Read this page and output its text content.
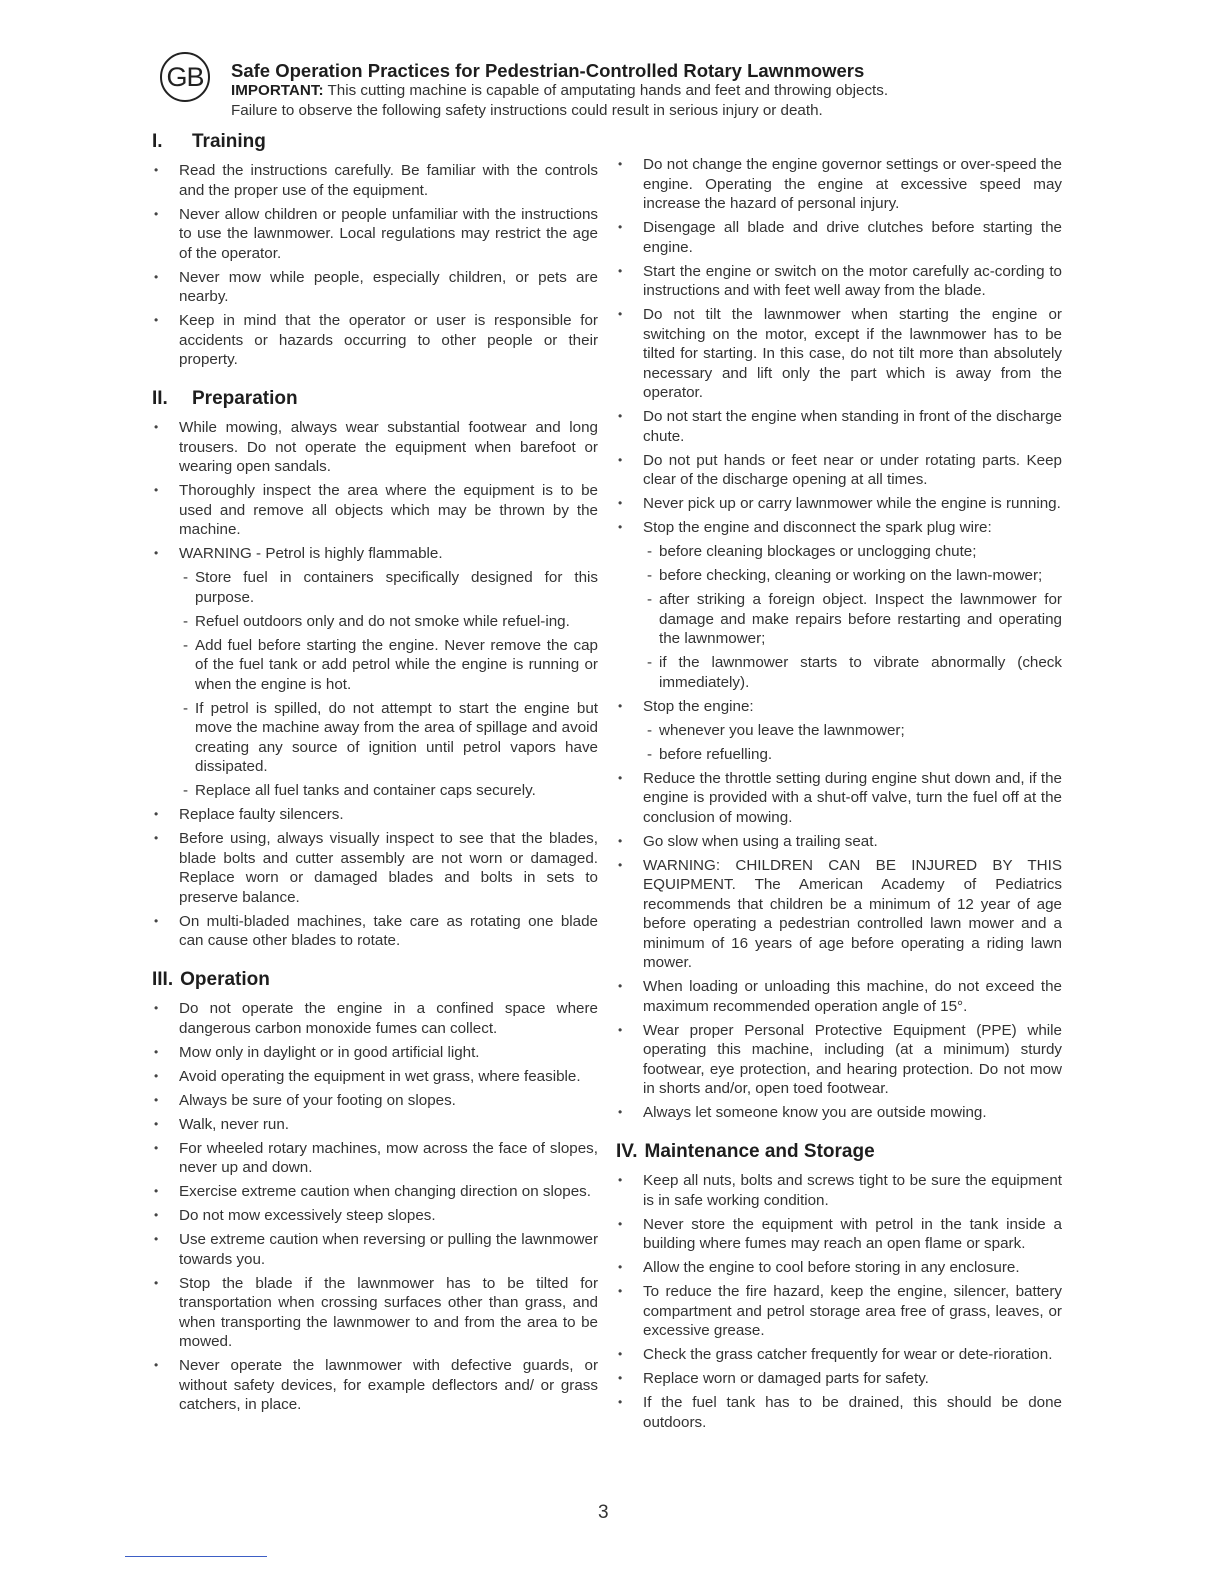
GB	Safe Operation Practices for Pedestrian-Controlled Rotary Lawnmowers

IMPORTANT: This cutting machine is capable of amputating hands and feet and throwing objects.

Failure to observe the following safety instructions could result in serious injury or death.

I. Training
• Read the instructions carefully. Be familiar with the controls and the proper use of the equipment.
• Never allow children or people unfamiliar with the instructions to use the lawnmower. Local regulations may restrict the age of the operator.
• Never mow while people, especially children, or pets are nearby.
• Keep in mind that the operator or user is responsible for accidents or hazards occurring to other people or their property.
II. Preparation
• While mowing, always wear substantial footwear and long trousers. Do not operate the equipment when barefoot or wearing open sandals.
• Thoroughly inspect the area where the equipment is to be used and remove all objects which may be thrown by the machine.
• WARNING - Petrol is highly flammable.
- Store fuel in containers specifically designed for this purpose.
- Refuel outdoors only and do not smoke while refuel-ing.
- Add fuel before starting the engine. Never remove the cap of the fuel tank or add petrol while the engine is running or when the engine is hot.
- If petrol is spilled, do not attempt to start the engine but move the machine away from the area of spillage and avoid creating any source of ignition until petrol vapors have dissipated.
- Replace all fuel tanks and container caps securely.
• Replace faulty silencers.
• Before using, always visually inspect to see that the blades, blade bolts and cutter assembly are not worn or damaged. Replace worn or damaged blades and bolts in sets to preserve balance.
• On multi-bladed machines, take care as rotating one blade can cause other blades to rotate.
III. Operation
• Do not operate the engine in a confined space where dangerous carbon monoxide fumes can collect.
• Mow only in daylight or in good artificial light.
• Avoid operating the equipment in wet grass, where feasible.
• Always be sure of your footing on slopes.
• Walk, never run.
• For wheeled rotary machines, mow across the face of slopes, never up and down.
• Exercise extreme caution when changing direction on slopes.
• Do not mow excessively steep slopes.
• Use extreme caution when reversing or pulling the lawnmower towards you.
• Stop the blade if the lawnmower has to be tilted for transportation when crossing surfaces other than grass, and when transporting the lawnmower to and from the area to be mowed.
• Never operate the lawnmower with defective guards, or without safety devices, for example deflectors and/ or grass catchers, in place.
• Do not change the engine governor settings or over-speed the engine. Operating the engine at excessive speed may increase the hazard of personal injury.
• Disengage all blade and drive clutches before starting the engine.
• Start the engine or switch on the motor carefully ac-cording to instructions and with feet well away from the blade.
• Do not tilt the lawnmower when starting the engine or switching on the motor, except if the lawnmower has to be tilted for starting. In this case, do not tilt more than absolutely necessary and lift only the part which is away from the operator.
• Do not start the engine when standing in front of the discharge chute.
• Do not put hands or feet near or under rotating parts. Keep clear of the discharge opening at all times.
• Never pick up or carry lawnmower while the engine is running.
• Stop the engine and disconnect the spark plug wire:
- before cleaning blockages or unclogging chute;
- before checking, cleaning or working on the lawn-mower;
- after striking a foreign object. Inspect the lawnmower for damage and make repairs before restarting and operating the lawnmower;
- if the lawnmower starts to vibrate abnormally (check immediately).
• Stop the engine:
- whenever you leave the lawnmower;
- before refuelling.
• Reduce the throttle setting during engine shut down and, if the engine is provided with a shut-off valve, turn the fuel off at the conclusion of mowing.
• Go slow when using a trailing seat.
• WARNING: CHILDREN CAN BE INJURED BY THIS EQUIPMENT. The American Academy of Pediatrics recommends that children be a minimum of 12 year of age before operating a pedestrian controlled lawn mower and a minimum of 16 years of age before operating a riding lawn mower.
• When loading or unloading this machine, do not exceed the maximum recommended operation angle of 15°.
• Wear proper Personal Protective Equipment (PPE) while operating this machine, including (at a minimum) sturdy footwear, eye protection, and hearing protection. Do not mow in shorts and/or, open toed footwear.
• Always let someone know you are outside mowing.
IV. Maintenance and Storage
• Keep all nuts, bolts and screws tight to be sure the equipment is in safe working condition.
• Never store the equipment with petrol in the tank inside a building where fumes may reach an open flame or spark.
• Allow the engine to cool before storing in any enclosure.
• To reduce the fire hazard, keep the engine, silencer, battery compartment and petrol storage area free of grass, leaves, or excessive grease.
• Check the grass catcher frequently for wear or dete-rioration.
• Replace worn or damaged parts for safety.
• If the fuel tank has to be drained, this should be done outdoors.
3
